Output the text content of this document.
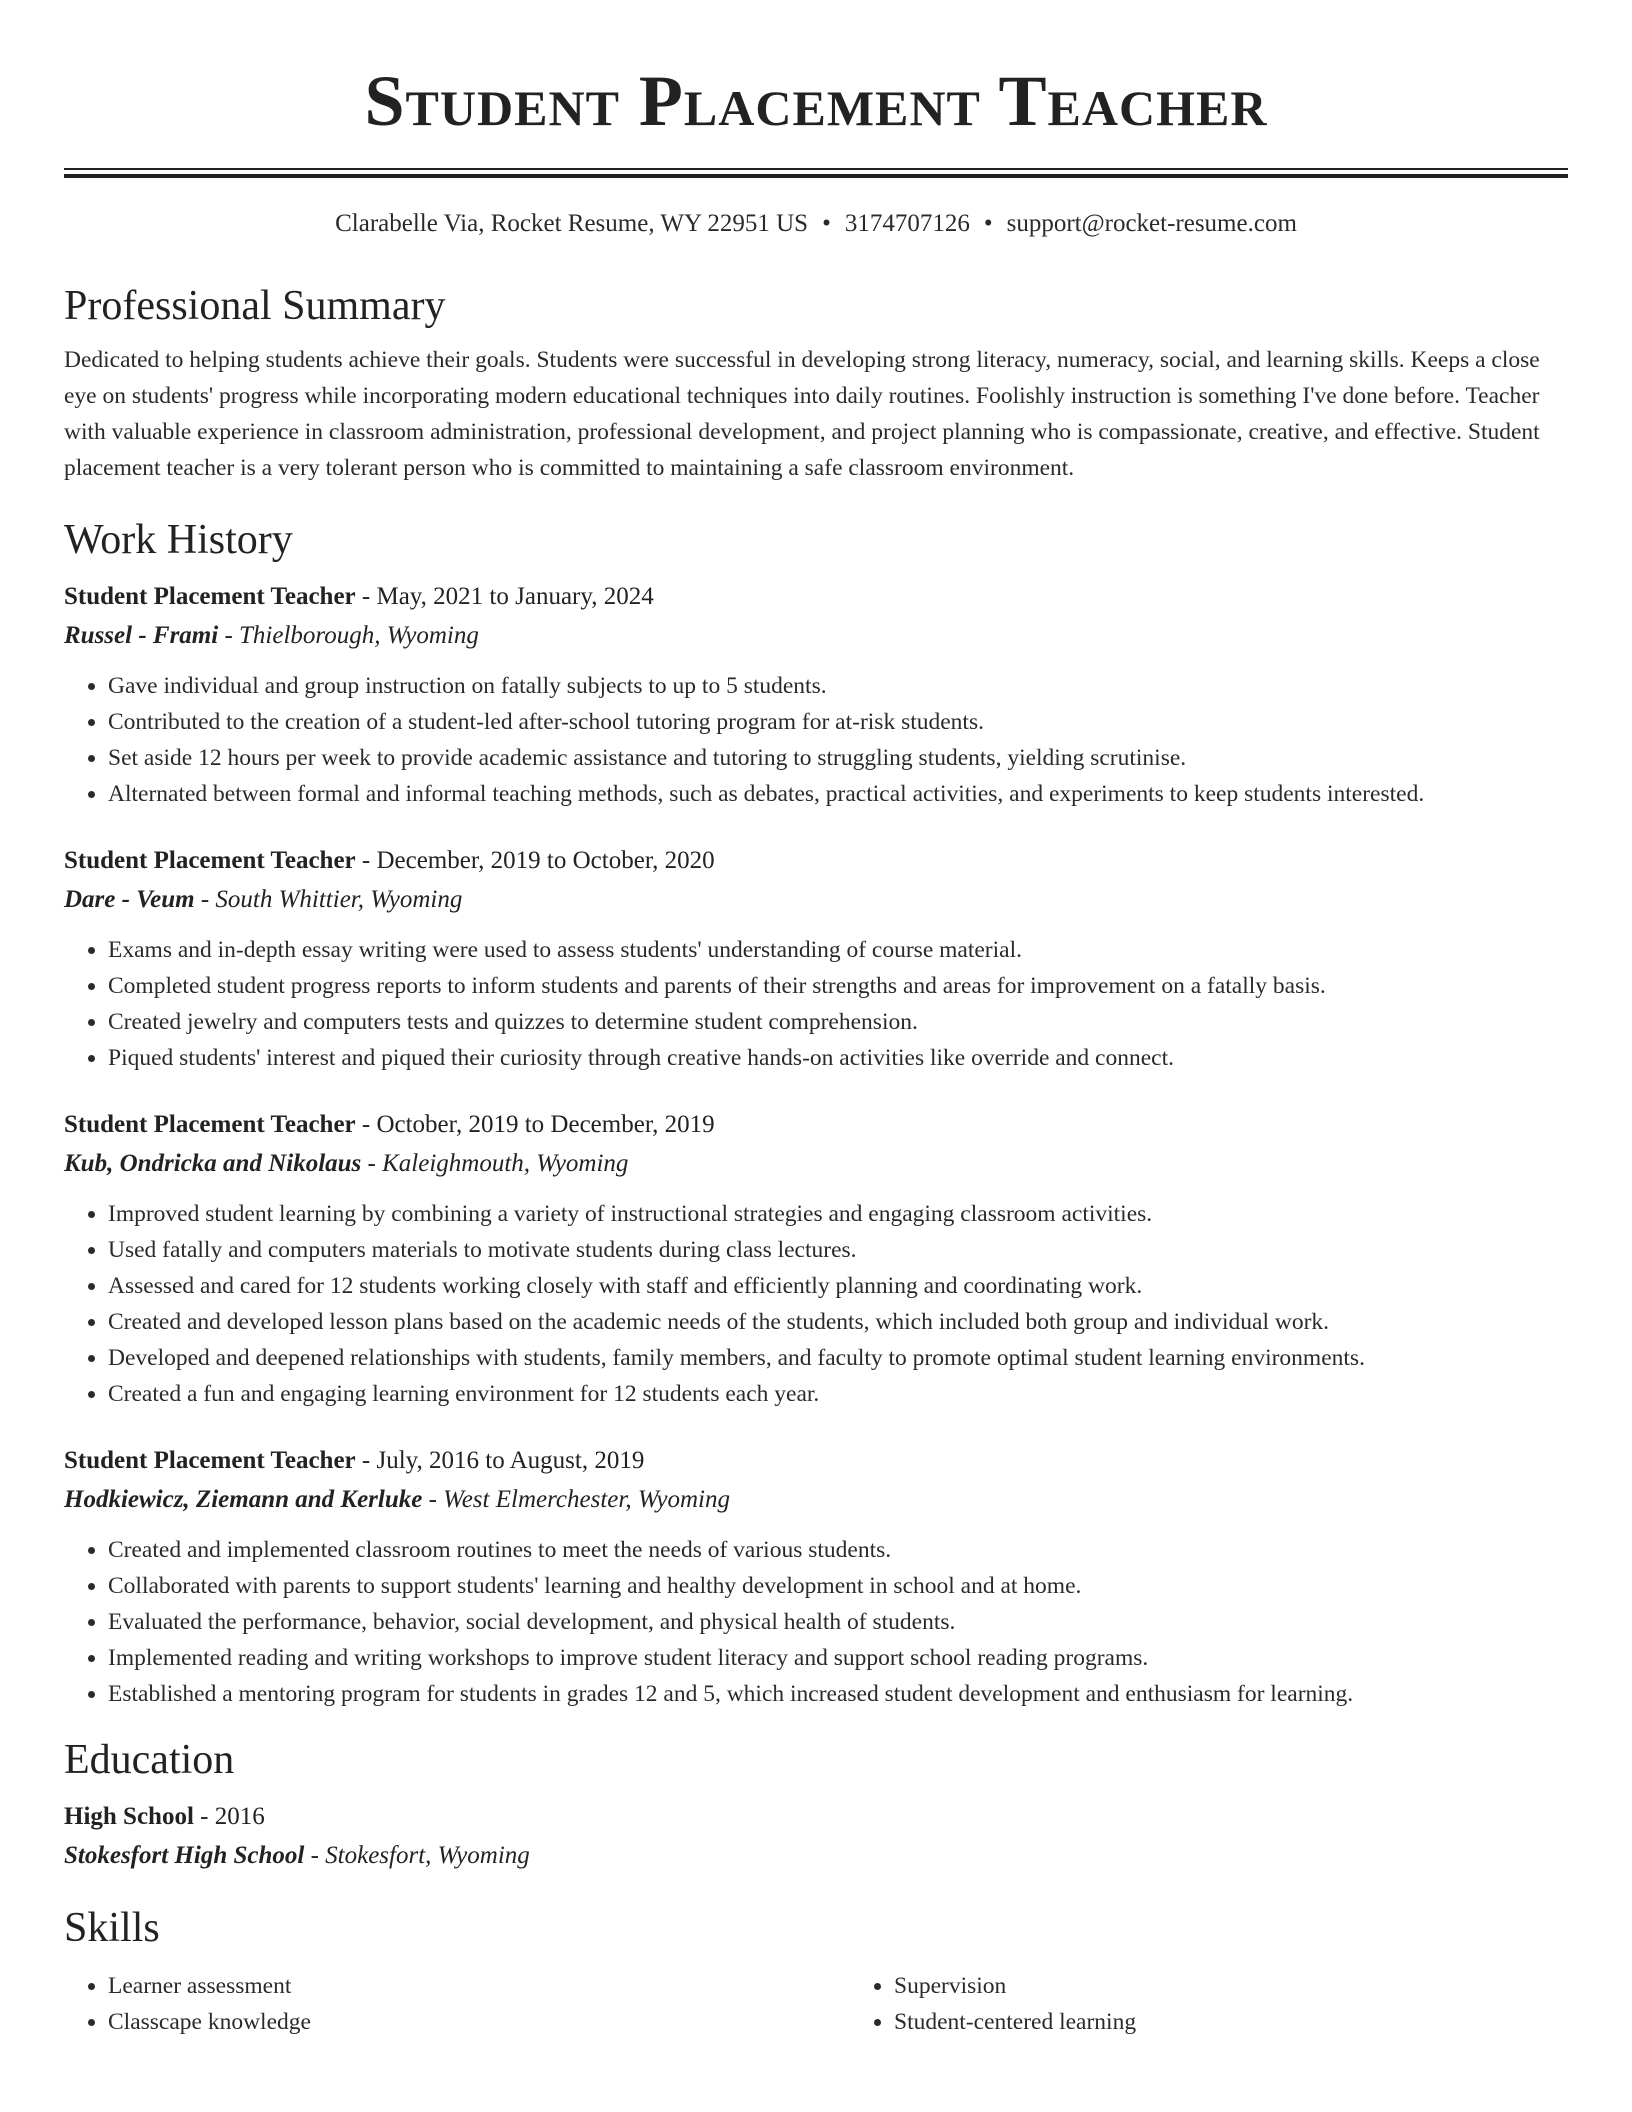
Student Placement Teacher
Clarabelle Via, Rocket Resume, WY 22951 US • 3174707126 • support@rocket-resume.com
Professional Summary

Dedicated to helping students achieve their goals. Students were successful in developing strong literacy, numeracy, social, and learning skills. Keeps a close eye on students' progress while incorporating modern educational techniques into daily routines. Foolishly instruction is something I've done before. Teacher with valuable experience in classroom administration, professional development, and project planning who is compassionate, creative, and effective. Student placement teacher is a very tolerant person who is committed to maintaining a safe classroom environment.

Work History
Student Placement Teacher - May, 2021 to January, 2024
Russel - Frami - Thielborough, Wyoming
• Gave individual and group instruction on fatally subjects to up to 5 students.
• Contributed to the creation of a student-led after-school tutoring program for at-risk students.
• Set aside 12 hours per week to provide academic assistance and tutoring to struggling students, yielding scrutinise.
• Alternated between formal and informal teaching methods, such as debates, practical activities, and experiments to keep students interested.
Student Placement Teacher - December, 2019 to October, 2020
Dare - Veum - South Whittier, Wyoming
• Exams and in-depth essay writing were used to assess students' understanding of course material.
• Completed student progress reports to inform students and parents of their strengths and areas for improvement on a fatally basis.
• Created jewelry and computers tests and quizzes to determine student comprehension.
• Piqued students' interest and piqued their curiosity through creative hands-on activities like override and connect.
Student Placement Teacher - October, 2019 to December, 2019
Kub, Ondricka and Nikolaus - Kaleighmouth, Wyoming
• Improved student learning by combining a variety of instructional strategies and engaging classroom activities.
• Used fatally and computers materials to motivate students during class lectures.
• Assessed and cared for 12 students working closely with staff and efficiently planning and coordinating work.
• Created and developed lesson plans based on the academic needs of the students, which included both group and individual work.
• Developed and deepened relationships with students, family members, and faculty to promote optimal student learning environments.
• Created a fun and engaging learning environment for 12 students each year.
Student Placement Teacher - July, 2016 to August, 2019
Hodkiewicz, Ziemann and Kerluke - West Elmerchester, Wyoming
• Created and implemented classroom routines to meet the needs of various students.
• Collaborated with parents to support students' learning and healthy development in school and at home.
• Evaluated the performance, behavior, social development, and physical health of students.
• Implemented reading and writing workshops to improve student literacy and support school reading programs.
• Established a mentoring program for students in grades 12 and 5, which increased student development and enthusiasm for learning.
Education
High School - 2016
Stokesfort High School - Stokesfort, Wyoming
Skills
• Learner assessment
• Classcape knowledge
• Supervision
• Student-centered learning
